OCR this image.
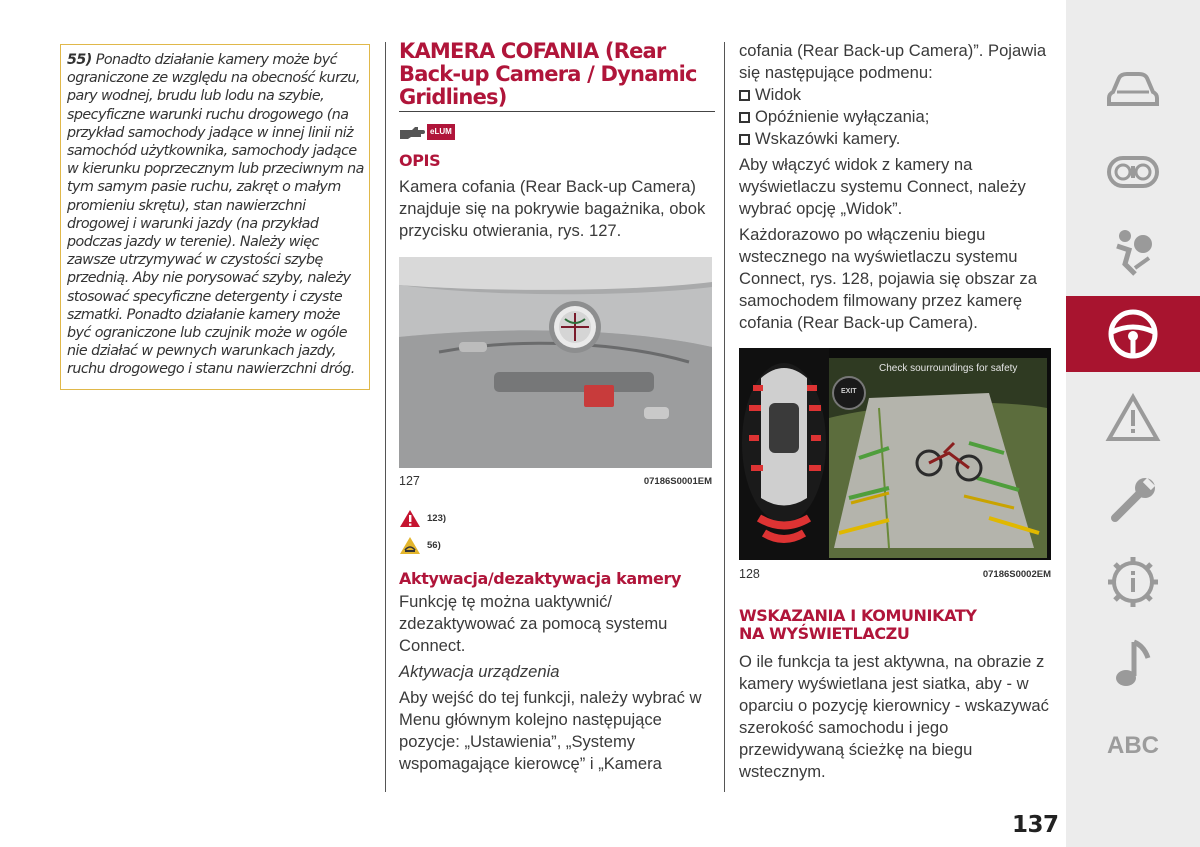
55) Ponadto działanie kamery może być ograniczone ze względu na obecność kurzu, pary wodnej, brudu lub lodu na szybie, specyficzne warunki ruchu drogowego (na przykład samochody jadące w innej linii niż samochód użytkownika, samochody jadące w kierunku poprzecznym lub przeciwnym na tym samym pasie ruchu, zakręt o małym promieniu skrętu), stan nawierzchni drogowej i warunki jazdy (na przykład podczas jazdy w terenie). Należy więc zawsze utrzymywać w czystości szybę przednią. Aby nie porysować szyby, należy stosować specyficzne detergenty i czyste szmatki. Ponadto działanie kamery może być ograniczone lub czujnik może w ogóle nie działać w pewnych warunkach jazdy, ruchu drogowego i stanu nawierzchni dróg.

KAMERA COFANIA (Rear Back-up Camera / Dynamic Gridlines)
eLUM
OPIS

Kamera cofania (Rear Back-up Camera) znajduje się na pokrywie bagażnika, obok przycisku otwierania, rys. 127.

127	07186S0001EM
123)
56)
Aktywacja/dezaktywacja kamery

Funkcję tę można uaktywnić/ zdezaktywować za pomocą systemu Connect.

Aktywacja urządzenia

Aby wejść do tej funkcji, należy wybrać w Menu głównym kolejno następujące pozycje: „Ustawienia”, „Systemy wspomagające kierowcę” i „Kamera

cofania (Rear Back-up Camera)”. Pojawia się następujące podmenu:

Widok
Opóźnienie wyłączania;
Wskazówki kamery.

Aby włączyć widok z kamery na wyświetlaczu systemu Connect, należy wybrać opcję „Widok”.

Każdorazowo po włączeniu biegu wstecznego na wyświetlaczu systemu Connect, rys. 128, pojawia się obszar za samochodem filmowany przez kamerę cofania (Rear Back-up Camera).

Check sourroundings for safety
EXIT
128	07186S0002EM
WSKAZANIA I KOMUNIKATY NA WYŚWIETLACZU

O ile funkcja ta jest aktywna, na obrazie z kamery wyświetlana jest siatka, aby - w oparciu o pozycję kierownicy - wskazywać szerokość samochodu i jego przewidywaną ścieżkę na biegu wstecznym.

137
ABC
